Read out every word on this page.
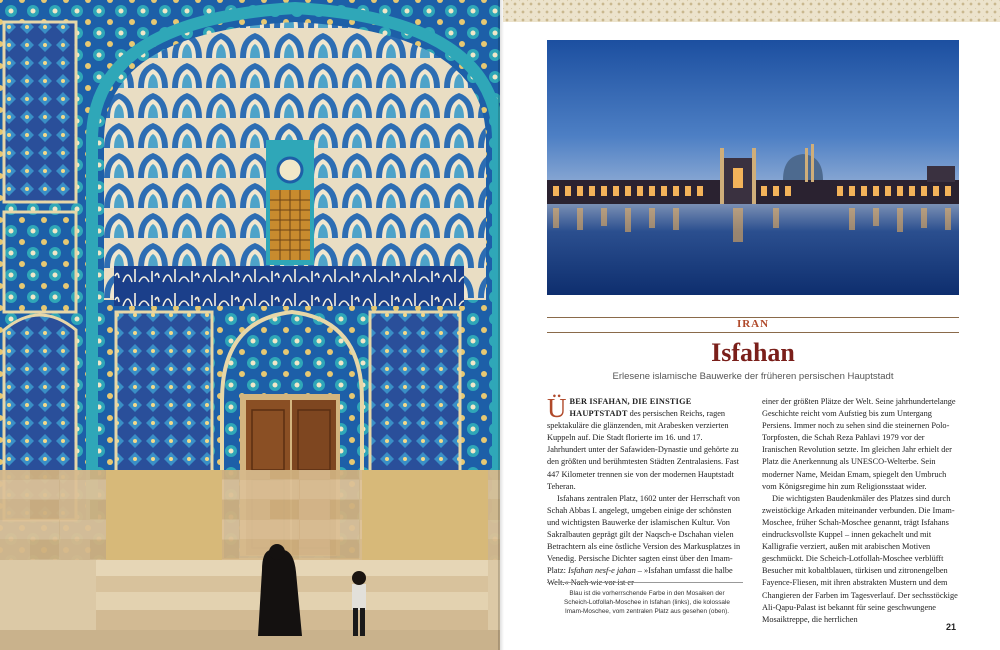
IRAN
Isfahan
Erlesene islamische Bauwerke der früheren persischen Hauptstadt

ÜBER ISFAHAN, DIE EINSTIGE HAUPTSTADT des persischen Reichs, ragen spektakuläre die glänzenden, mit Arabesken verzierten Kuppeln auf. Die Stadt florierte im 16. und 17. Jahrhundert unter der Safawiden-Dynastie und gehörte zu den größten und berühmtesten Städten Zentralasiens. Fast 447 Kilometer trennen sie von der modernen Hauptstadt Teheran.

Isfahans zentralen Platz, 1602 unter der Herrschaft von Schah Abbas I. angelegt, umgeben einige der schönsten und wichtigsten Bauwerke der islamischen Kultur. Von Sakralbauten geprägt gilt der Naqsch-e Dschahan vielen Betrachtern als eine östliche Version des Markusplatzes in Venedig. Persische Dichter sagten einst über den Imam-Platz: Isfahan nesf-e jahan – »Isfahan umfasst die halbe Welt.« Nach wie vor ist er

einer der größten Plätze der Welt. Seine jahrhundertelange Geschichte reicht vom Aufstieg bis zum Untergang Persiens. Immer noch zu sehen sind die steinernen Polo-Torpfosten, die Schah Reza Pahlavi 1979 vor der Iranischen Revolution setzte. Im gleichen Jahr erhielt der Platz die Anerkennung als UNESCO-Welterbe. Sein moderner Name, Meidan Emam, spiegelt den Umbruch vom Königsregime hin zum Religionsstaat wider.

Die wichtigsten Baudenkmäler des Platzes sind durch zweistöckige Arkaden miteinander verbunden. Die Imam-Moschee, früher Schah-Moschee genannt, trägt Isfahans eindrucksvollste Kuppel – innen gekachelt und mit Kalligrafie verziert, außen mit arabischen Motiven geschmückt. Die Scheich-Lotfollah-Moschee verblüfft Besucher mit kobaltblauen, türkisen und zitronengelben Fayence-Fliesen, mit ihren abstrakten Mustern und dem Changieren der Farben im Tagesverlauf. Der sechsstöckige Ali-Qapu-Palast ist bekannt für seine geschwungene Mosaiktreppe, die herrlichen

Blau ist die vorherrschende Farbe in den Mosaiken der Scheich-Lotfollah-Moschee in Isfahan (links), die kolossale Imam-Moschee, vom zentralen Platz aus gesehen (oben).
21
